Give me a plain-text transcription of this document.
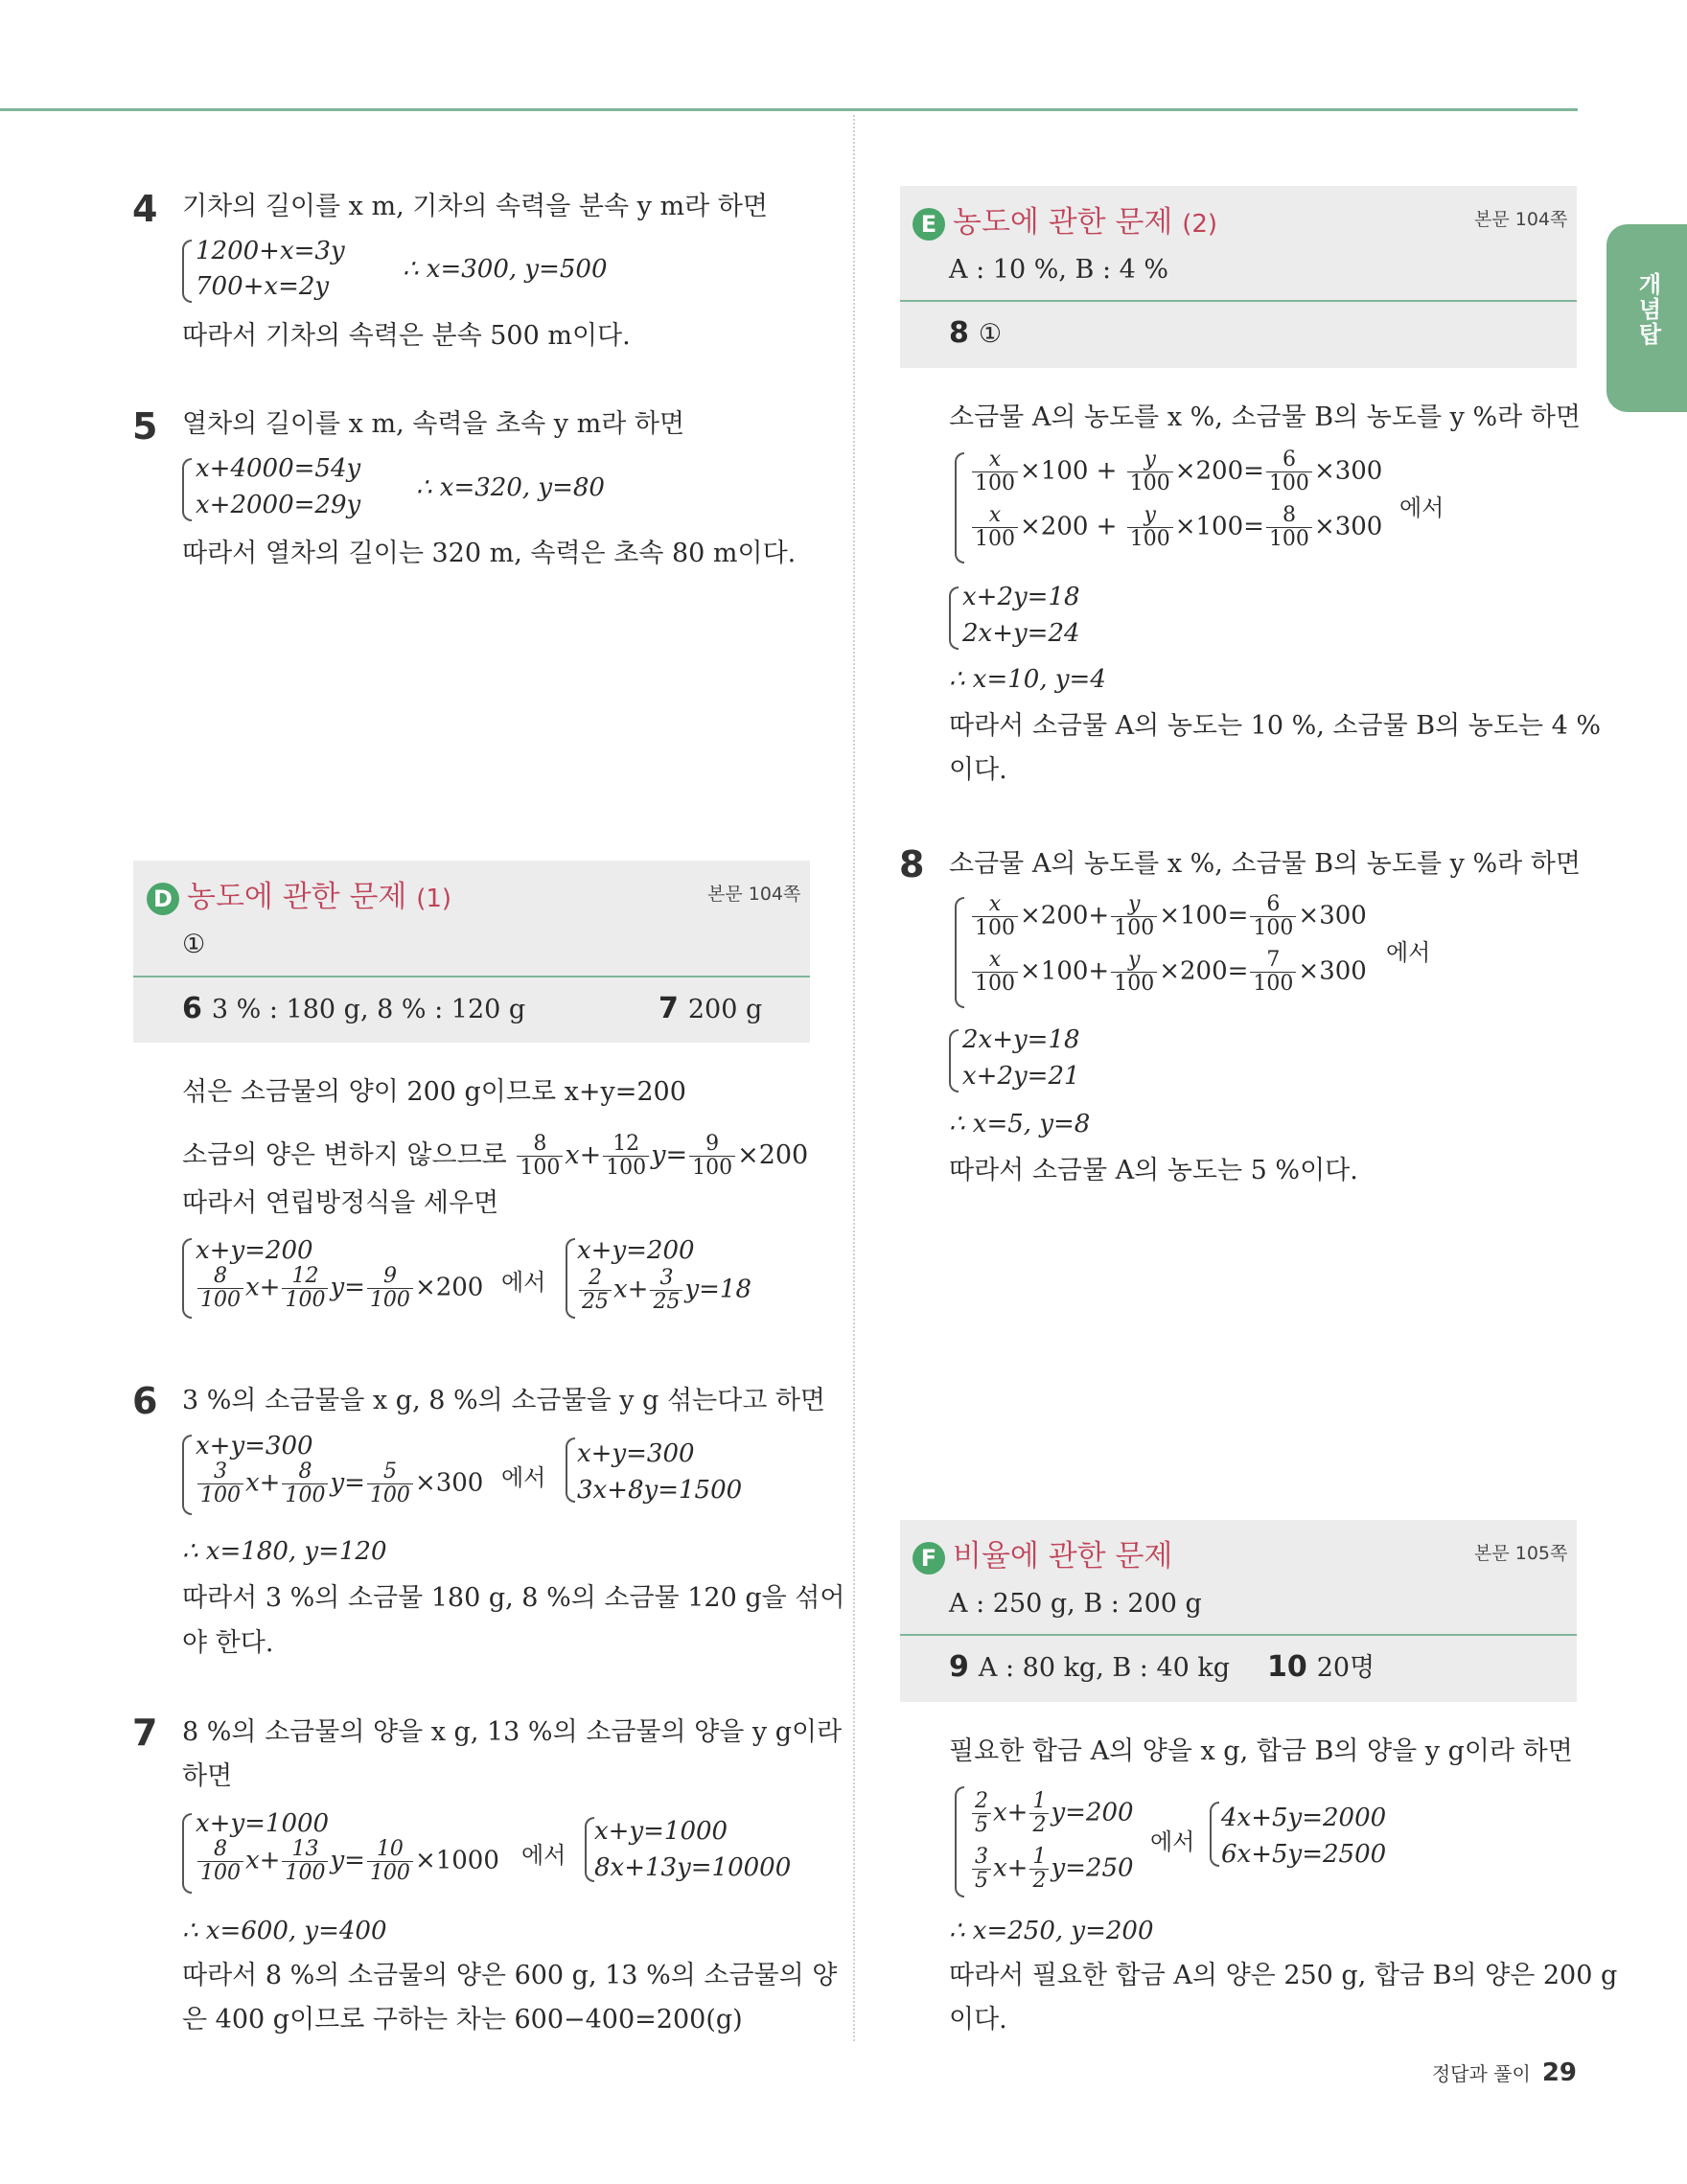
개념탑
4 기차의 길이를 x m, 기차의 속력을 분속 y m라 하면
1200+x=3y
700+x=2y
∴ x=300, y=500
따라서 기차의 속력은 분속 500 m이다.
5 열차의 길이를 x m, 속력을 초속 y m라 하면
x+4000=54y
x+2000=29y
∴ x=320, y=80
따라서 열차의 길이는 320 m, 속력은 초속 80 m이다.
D 농도에 관한 문제 (1)	본문 104쪽
①
6 3 % : 180 g, 8 % : 120 g	7 200 g
섞은 소금물의 양이 200 g이므로 x+y=200
소금의 양은 변하지 않으므로 $\frac{8}{100} x+ \frac{12}{100} y= \frac{9}{100} \times 200$
따라서 연립방정식을 세우면
x+y=200
$\frac{8}{100} x+ \frac{12}{100} y= \frac{9}{100} \times 200$ 에서
x+y=200
$\frac{2}{25} x+ \frac{3}{25} y=18$
6 3 %의 소금물을 x g, 8 %의 소금물을 y g 섞는다고 하면
x+y=300
$\frac{3}{100} x+ \frac{8}{100} y= \frac{5}{100} \times 300$ 에서
x+y=300
3x+8y=1500
∴ x=180, y=120
따라서 3 %의 소금물 180 g, 8 %의 소금물 120 g을 섞어
야 한다.
7 8 %의 소금물의 양을 x g, 13 %의 소금물의 양을 y g이라
하면
x+y=1000
$\frac{8}{100} x+ \frac{13}{100} y= \frac{10}{100} \times 1000$ 에서
x+y=1000
8x+13y=10000
∴ x=600, y=400
따라서 8 %의 소금물의 양은 600 g, 13 %의 소금물의 양
은 400 g이므로 구하는 차는 600−400=200(g)
E 농도에 관한 문제 (2)	본문 104쪽
A : 10 %, B : 4 %
8 ①
소금물 A의 농도를 x %, 소금물 B의 농도를 y %라 하면
$\frac{x}{100} \times 100 + \frac{y}{100} \times 200= \frac{6}{100} \times 300$
$\frac{x}{100} \times 200 + \frac{y}{100} \times 100= \frac{8}{100} \times 300$
에서
x+2y=18
2x+y=24
∴ x=10, y=4
따라서 소금물 A의 농도는 10 %, 소금물 B의 농도는 4 %
이다.
8 소금물 A의 농도를 x %, 소금물 B의 농도를 y %라 하면
$\frac{x}{100} \times 200+ \frac{y}{100} \times 100= \frac{6}{100} \times 300$
$\frac{x}{100} \times 100+ \frac{y}{100} \times 200= \frac{7}{100} \times 300$
에서
2x+y=18
x+2y=21
∴ x=5, y=8
따라서 소금물 A의 농도는 5 %이다.
F 비율에 관한 문제	본문 105쪽
A : 250 g, B : 200 g
9 A : 80 kg, B : 40 kg 10 20명
필요한 합금 A의 양을 x g, 합금 B의 양을 y g이라 하면
$\frac{2}{5} x+ \frac{1}{2} y=200$
$\frac{3}{5} x+ \frac{1}{2} y=250$
에서
4x+5y=2000
6x+5y=2500
∴ x=250, y=200
따라서 필요한 합금 A의 양은 250 g, 합금 B의 양은 200 g
이다.
정답과 풀이 29
